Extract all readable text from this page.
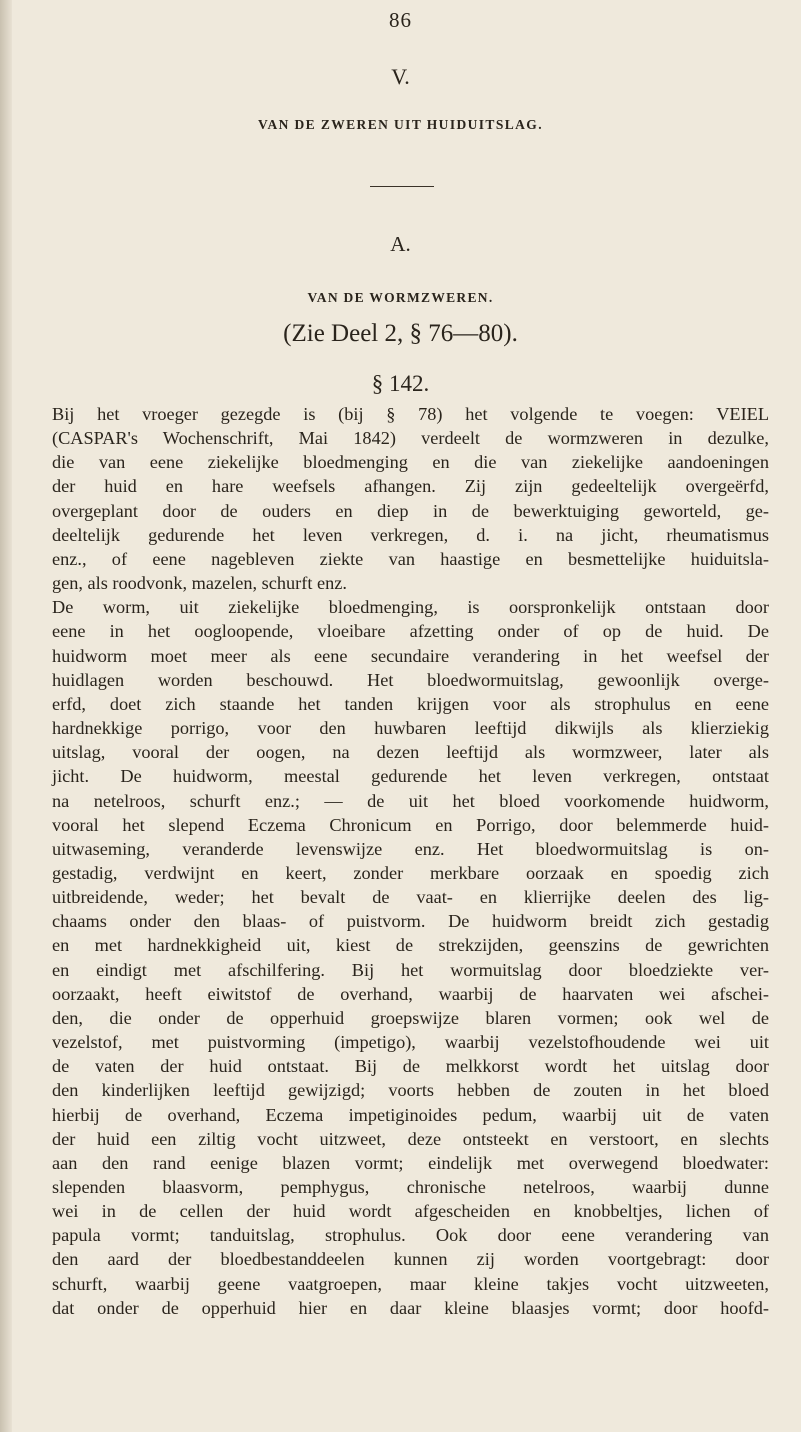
86
V.
VAN DE ZWEREN UIT HUIDUITSLAG.
A.
VAN DE WORMZWEREN.
(Zie Deel 2, § 76—80).
§ 142.

Bij het vroeger gezegde is (bij § 78) het volgende te voegen: VEIEL

(CASPAR's Wochenschrift, Mai 1842) verdeelt de wormzweren in dezulke,

die van eene ziekelijke bloedmenging en die van ziekelijke aandoeningen

der huid en hare weefsels afhangen. Zij zijn gedeeltelijk overgeërfd,

overgeplant door de ouders en diep in de bewerktuiging geworteld, ge-

deeltelijk gedurende het leven verkregen, d. i. na jicht, rheumatismus

enz., of eene nagebleven ziekte van haastige en besmettelijke huiduitsla-

gen, als roodvonk, mazelen, schurft enz.

De worm, uit ziekelijke bloedmenging, is oorspronkelijk ontstaan door

eene in het oogloopende, vloeibare afzetting onder of op de huid. De

huidworm moet meer als eene secundaire verandering in het weefsel der

huidlagen worden beschouwd. Het bloedwormuitslag, gewoonlijk overge-

erfd, doet zich staande het tanden krijgen voor als strophulus en eene

hardnekkige porrigo, voor den huwbaren leeftijd dikwijls als klierziekig

uitslag, vooral der oogen, na dezen leeftijd als wormzweer, later als

jicht. De huidworm, meestal gedurende het leven verkregen, ontstaat

na netelroos, schurft enz.; — de uit het bloed voorkomende huidworm,

vooral het slepend Eczema Chronicum en Porrigo, door belemmerde huid-

uitwaseming, veranderde levenswijze enz. Het bloedwormuitslag is on-

gestadig, verdwijnt en keert, zonder merkbare oorzaak en spoedig zich

uitbreidende, weder; het bevalt de vaat- en klierrijke deelen des lig-

chaams onder den blaas- of puistvorm. De huidworm breidt zich gestadig

en met hardnekkigheid uit, kiest de strekzijden, geenszins de gewrichten

en eindigt met afschilfering. Bij het wormuitslag door bloedziekte ver-

oorzaakt, heeft eiwitstof de overhand, waarbij de haarvaten wei afschei-

den, die onder de opperhuid groepswijze blaren vormen; ook wel de

vezelstof, met puistvorming (impetigo), waarbij vezelstofhoudende wei uit

de vaten der huid ontstaat. Bij de melkkorst wordt het uitslag door

den kinderlijken leeftijd gewijzigd; voorts hebben de zouten in het bloed

hierbij de overhand, Eczema impetiginoides pedum, waarbij uit de vaten

der huid een ziltig vocht uitzweet, deze ontsteekt en verstoort, en slechts

aan den rand eenige blazen vormt; eindelijk met overwegend bloedwater:

slependen blaasvorm, pemphygus, chronische netelroos, waarbij dunne

wei in de cellen der huid wordt afgescheiden en knobbeltjes, lichen of

papula vormt; tanduitslag, strophulus. Ook door eene verandering van

den aard der bloedbestanddeelen kunnen zij worden voortgebragt: door

schurft, waarbij geene vaatgroepen, maar kleine takjes vocht uitzweeten,

dat onder de opperhuid hier en daar kleine blaasjes vormt; door hoofd-
